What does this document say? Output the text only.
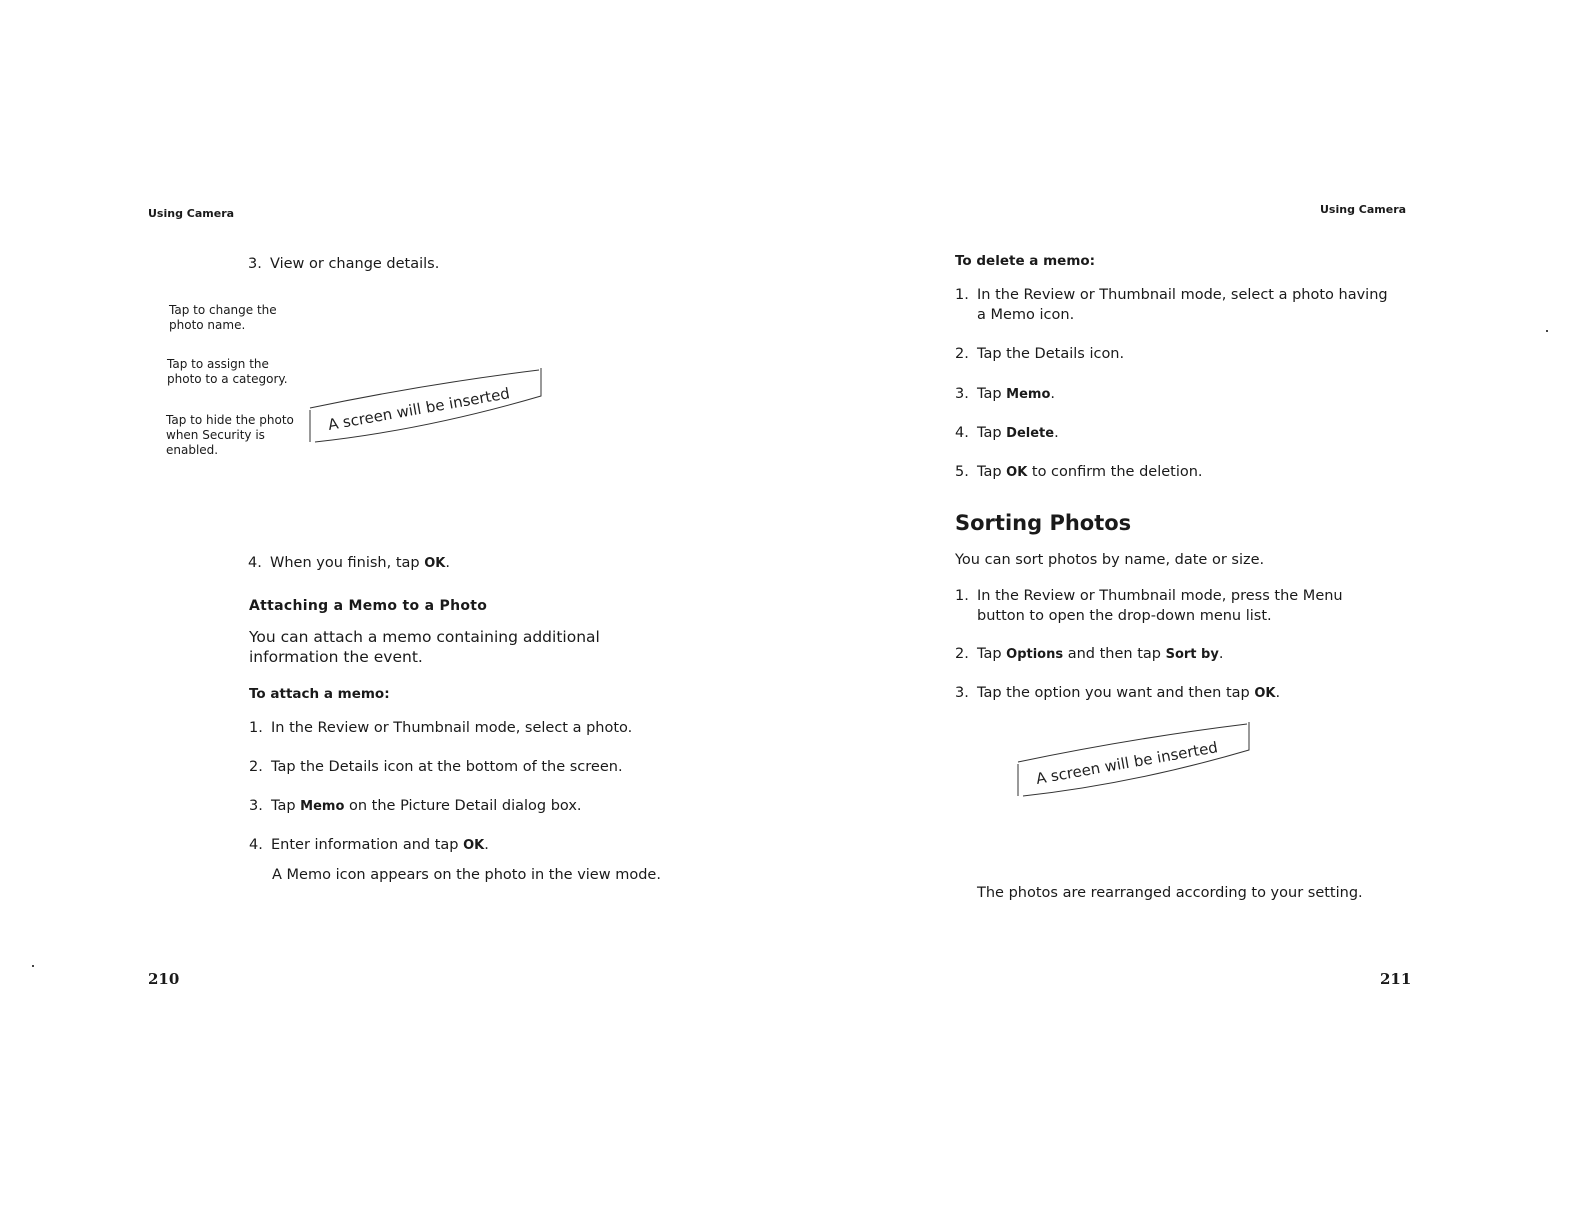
Using Camera
3. View or change details.
Tap to change the
photo name.
Tap to assign the
photo to a category.
Tap to hide the photo
when Security is
enabled.
A screen will be inserted
4. When you finish, tap OK.
Attaching a Memo to a Photo
You can attach a memo containing additional
information the event.
To attach a memo:
1. In the Review or Thumbnail mode, select a photo.
2. Tap the Details icon at the bottom of the screen.
3. Tap Memo on the Picture Detail dialog box.
4. Enter information and tap OK.
A Memo icon appears on the photo in the view mode.
210
Using Camera
To delete a memo:
1. In the Review or Thumbnail mode, select a photo having
a Memo icon.
2. Tap the Details icon.
3. Tap Memo.
4. Tap Delete.
5. Tap OK to confirm the deletion.
Sorting Photos
You can sort photos by name, date or size.
1. In the Review or Thumbnail mode, press the Menu
button to open the drop-down menu list.
2. Tap Options and then tap Sort by.
3. Tap the option you want and then tap OK.
A screen will be inserted
The photos are rearranged according to your setting.
211
